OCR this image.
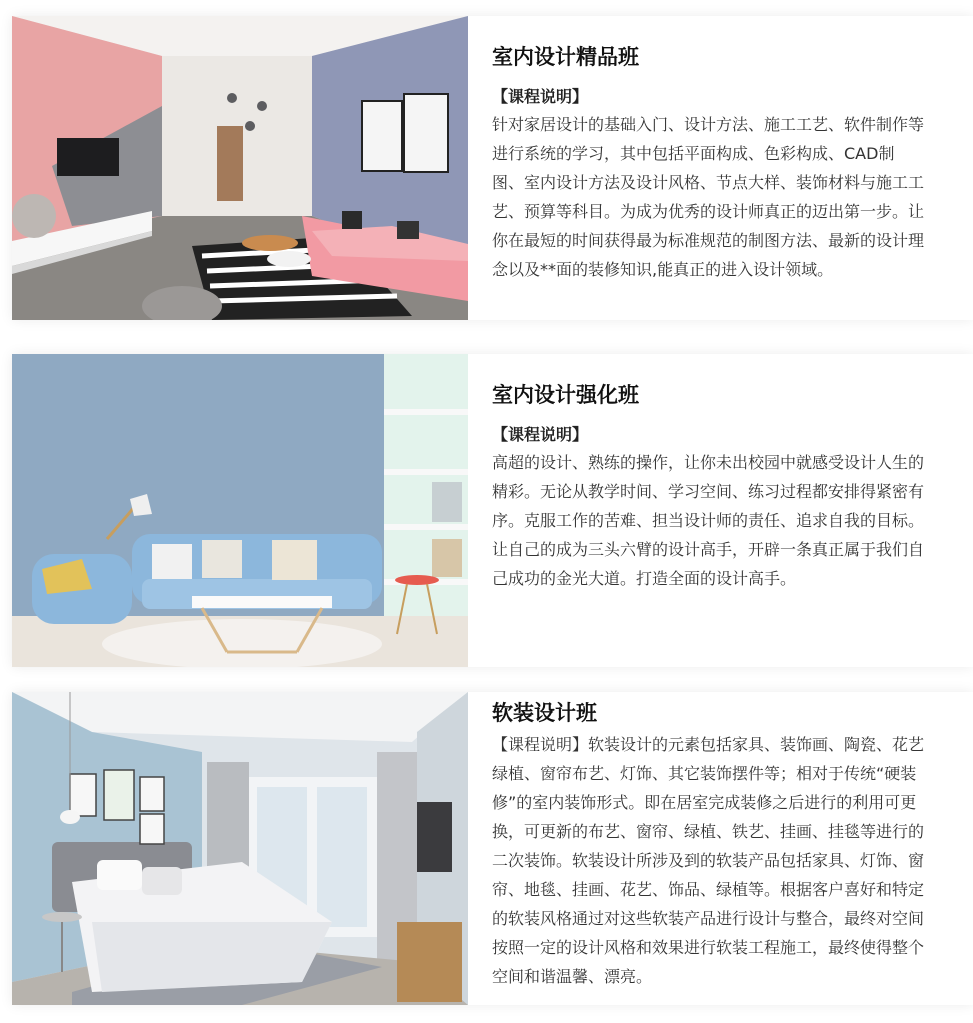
室内设计精品班
【课程说明】

针对家居设计的基础入门、设计方法、施工工艺、软件制作等进行系统的学习，其中包括平面构成、色彩构成、CAD制图、室内设计方法及设计风格、节点大样、装饰材料与施工工艺、预算等科目。为成为优秀的设计师真正的迈出第一步。让你在最短的时间获得最为标准规范的制图方法、最新的设计理念以及**面的装修知识,能真正的进入设计领域。

室内设计强化班
【课程说明】

高超的设计、熟练的操作，让你未出校园中就感受设计人生的精彩。无论从教学时间、学习空间、练习过程都安排得紧密有序。克服工作的苦难、担当设计师的责任、追求自我的目标。让自己的成为三头六臂的设计高手，开辟一条真正属于我们自己成功的金光大道。打造全面的设计高手。

软装设计班

【课程说明】软装设计的元素包括家具、装饰画、陶瓷、花艺绿植、窗帘布艺、灯饰、其它装饰摆件等；相对于传统“硬装修”的室内装饰形式。即在居室完成装修之后进行的利用可更换，可更新的布艺、窗帘、绿植、铁艺、挂画、挂毯等进行的二次装饰。软装设计所涉及到的软装产品包括家具、灯饰、窗帘、地毯、挂画、花艺、饰品、绿植等。根据客户喜好和特定的软装风格通过对这些软装产品进行设计与整合，最终对空间按照一定的设计风格和效果进行软装工程施工，最终使得整个空间和谐温馨、漂亮。
